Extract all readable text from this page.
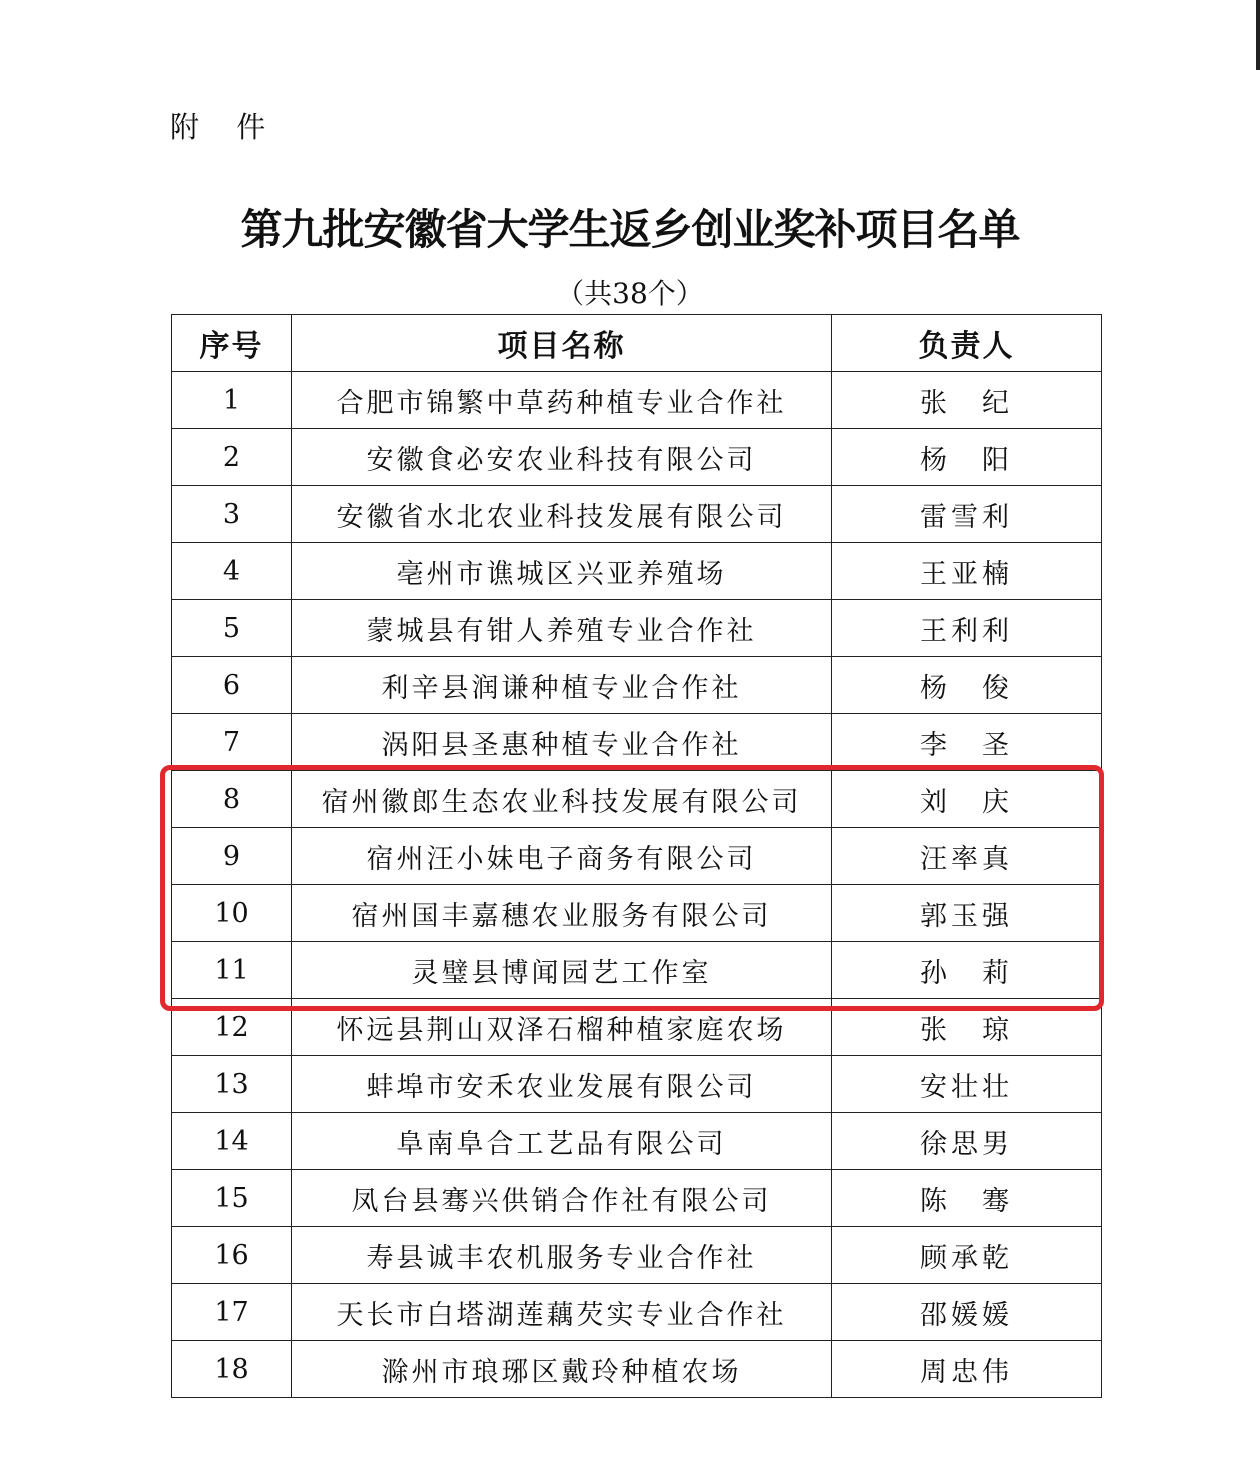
附 件
第九批安徽省大学生返乡创业奖补项目名单
（共38个）
序号	项目名称	负责人
1	合肥市锦繁中草药种植专业合作社	张　纪
2	安徽食必安农业科技有限公司	杨　阳
3	安徽省水北农业科技发展有限公司	雷雪利
4	亳州市谯城区兴亚养殖场	王亚楠
5	蒙城县有钳人养殖专业合作社	王利利
6	利辛县润谦种植专业合作社	杨　俊
7	涡阳县圣惠种植专业合作社	李　圣
8	宿州徽郎生态农业科技发展有限公司	刘　庆
9	宿州汪小妹电子商务有限公司	汪率真
10	宿州国丰嘉穗农业服务有限公司	郭玉强
11	灵璧县博闻园艺工作室	孙　莉
12	怀远县荆山双泽石榴种植家庭农场	张　琼
13	蚌埠市安禾农业发展有限公司	安壮壮
14	阜南阜合工艺品有限公司	徐思男
15	凤台县骞兴供销合作社有限公司	陈　骞
16	寿县诚丰农机服务专业合作社	顾承乾
17	天长市白塔湖莲藕芡实专业合作社	邵媛媛
18	滁州市琅琊区戴玲种植农场	周忠伟
